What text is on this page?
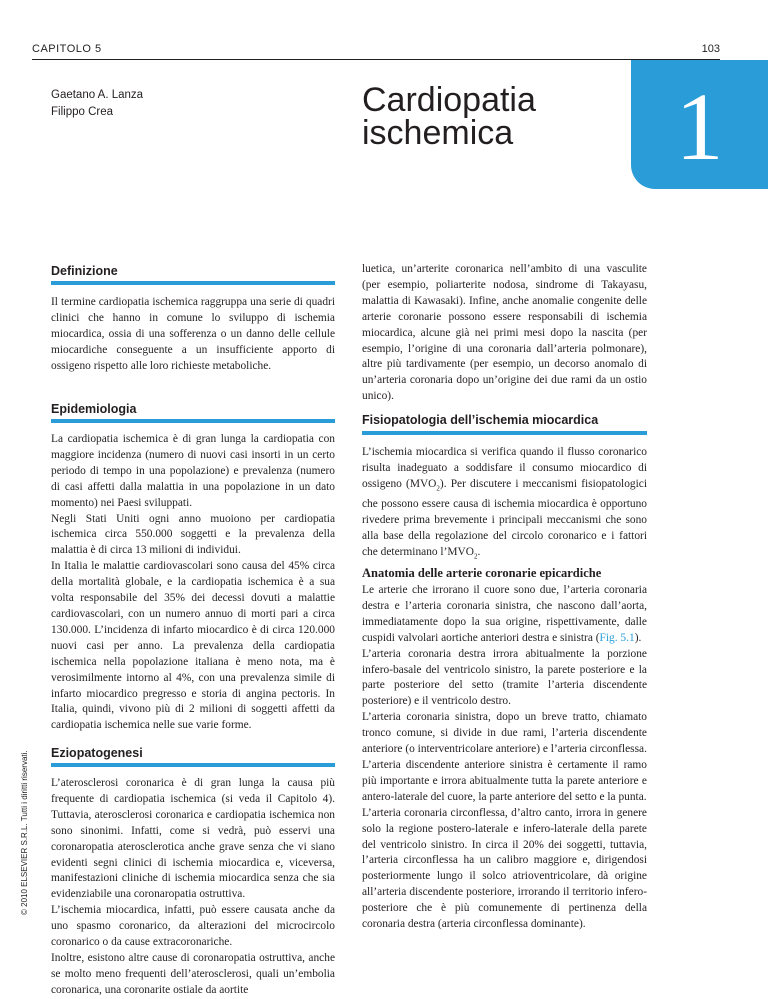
CAPITOLO 5	103
Gaetano A. Lanza
Filippo Crea	Cardiopatia
ischemica	1
Definizione

Il termine cardiopatia ischemica raggruppa una serie di quadri clinici che hanno in comune lo sviluppo di ischemia miocardica, ossia di una sofferenza o un danno delle cellule miocardiche conseguente a un insufficiente apporto di ossigeno rispetto alle loro richieste metaboliche.

Epidemiologia

La cardiopatia ischemica è di gran lunga la cardiopatia con maggiore incidenza (numero di nuovi casi insorti in un certo periodo di tempo in una popolazione) e prevalenza (numero di casi affetti dalla malattia in una popolazione in un dato momento) nei Paesi sviluppati.

Negli Stati Uniti ogni anno muoiono per cardiopatia ischemica circa 550.000 soggetti e la prevalenza della malattia è di circa 13 milioni di individui.

In Italia le malattie cardiovascolari sono causa del 45% circa della mortalità globale, e la cardiopatia ischemica è a sua volta responsabile del 35% dei decessi dovuti a malattie cardiovascolari, con un numero annuo di morti pari a circa 130.000. L’incidenza di infarto miocardico è di circa 120.000 nuovi casi per anno. La prevalenza della cardiopatia ischemica nella popolazione italiana è meno nota, ma è verosimilmente intorno al 4%, con una prevalenza simile di infarto miocardico pregresso e storia di angina pectoris. In Italia, quindi, vivono più di 2 milioni di soggetti affetti da cardiopatia ischemica nelle sue varie forme.

Eziopatogenesi

L’aterosclerosi coronarica è di gran lunga la causa più frequente di cardiopatia ischemica (si veda il Capitolo 4). Tuttavia, aterosclerosi coronarica e cardiopatia ischemica non sono sinonimi. Infatti, come si vedrà, può esservi una coronaropatia aterosclerotica anche grave senza che vi siano evidenti segni clinici di ischemia miocardica e, viceversa, manifestazioni cliniche di ischemia miocardica senza che sia evidenziabile una coronaropatia ostruttiva.

L’ischemia miocardica, infatti, può essere causata anche da uno spasmo coronarico, da alterazioni del microcircolo coronarico o da cause extracoronariche.

Inoltre, esistono altre cause di coronaropatia ostruttiva, anche se molto meno frequenti dell’aterosclerosi, quali un’embolia coronarica, una coronarite ostiale da aortite

luetica, un’arterite coronarica nell’ambito di una vasculite (per esempio, poliarterite nodosa, sindrome di Takayasu, malattia di Kawasaki). Infine, anche anomalie congenite delle arterie coronarie possono essere responsabili di ischemia miocardica, alcune già nei primi mesi dopo la nascita (per esempio, l’origine di una coronaria dall’arteria polmonare), altre più tardivamente (per esempio, un decorso anomalo di un’arteria coronaria dopo un’origine dei due rami da un ostio unico).

Fisiopatologia dell’ischemia miocardica

L’ischemia miocardica si verifica quando il flusso coronarico risulta inadeguato a soddisfare il consumo miocardico di ossigeno $(MVO_2)$. Per discutere i meccanismi fisiopatologici che possono essere causa di ischemia miocardica è opportuno rivedere prima brevemente i principali meccanismi che sono alla base della regolazione del circolo coronarico e i fattori che determinano $l’MVO_2$.

Anatomia delle arterie coronarie epicardiche

Le arterie che irrorano il cuore sono due, l’arteria coronaria destra e l’arteria coronaria sinistra, che nascono dall’aorta, immediatamente dopo la sua origine, rispettivamente, dalle cuspidi valvolari aortiche anteriori destra e sinistra (Fig. 5.1).

L’arteria coronaria destra irrora abitualmente la porzione infero-basale del ventricolo sinistro, la parete posteriore e la parte posteriore del setto (tramite l’arteria discendente posteriore) e il ventricolo destro.

L’arteria coronaria sinistra, dopo un breve tratto, chiamato tronco comune, si divide in due rami, l’arteria discendente anteriore (o interventricolare anteriore) e l’arteria circonflessa.

L’arteria discendente anteriore sinistra è certamente il ramo più importante e irrora abitualmente tutta la parete anteriore e antero-laterale del cuore, la parte anteriore del setto e la punta.

L’arteria coronaria circonflessa, d’altro canto, irrora in genere solo la regione postero-laterale e infero-laterale della parete del ventricolo sinistro. In circa il 20% dei soggetti, tuttavia, l’arteria circonflessa ha un calibro maggiore e, dirigendosi posteriormente lungo il solco atrioventricolare, dà origine all’arteria discendente posteriore, irrorando il territorio infero-posteriore che è più comunemente di pertinenza della coronaria destra (arteria circonflessa dominante).

© 2010 ELSEVIER S.R.L. Tutti i diritti riservati.
